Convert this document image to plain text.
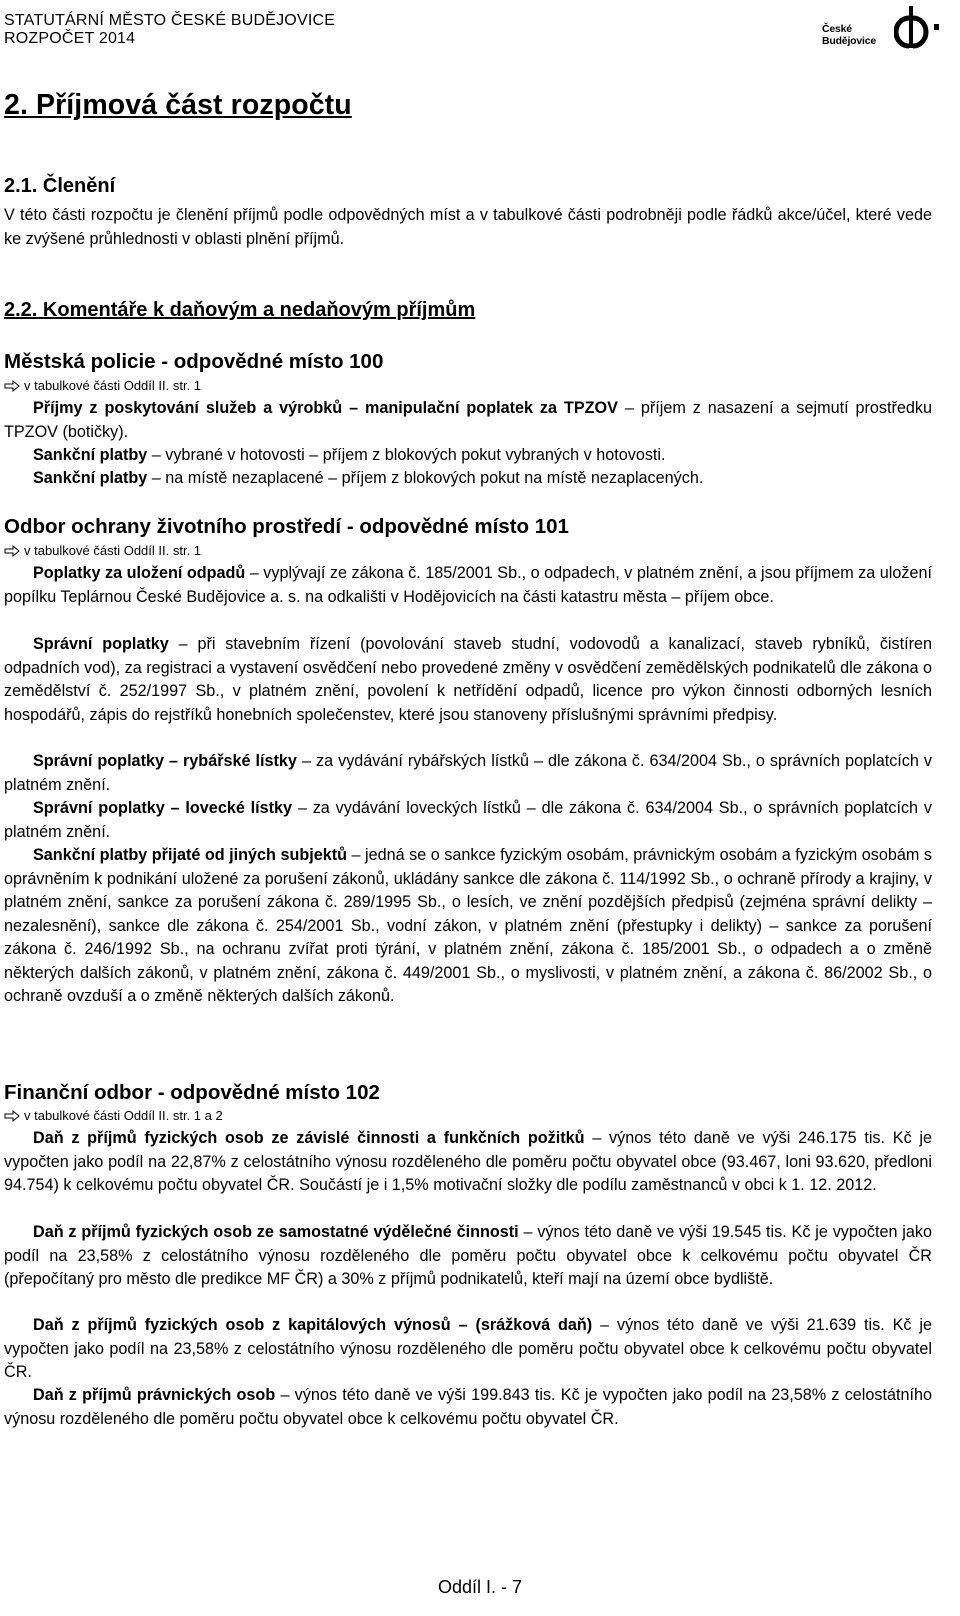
STATUTÁRNÍ MĚSTO ČESKÉ BUDĚJOVICE
ROZPOČET 2014
České Budějovice
2. Příjmová část rozpočtu
2.1. Členění
V této části rozpočtu je členění příjmů podle odpovědných míst a v tabulkové části podrobněji podle řádků akce/účel, které vede ke zvýšené průhlednosti v oblasti plnění příjmů.
2.2. Komentáře k daňovým a nedaňovým příjmům
Městská policie - odpovědné místo 100
v tabulkové části Oddíl II. str. 1
Příjmy z poskytování služeb a výrobků – manipulační poplatek za TPZOV – příjem z nasazení a sejmutí prostředku TPZOV (botičky).
Sankční platby – vybrané v hotovosti – příjem z blokových pokut vybraných v hotovosti.
Sankční platby – na místě nezaplacené – příjem z blokových pokut na místě nezaplacených.
Odbor ochrany životního prostředí - odpovědné místo 101
v tabulkové části Oddíl II. str. 1
Poplatky za uložení odpadů – vyplývají ze zákona č. 185/2001 Sb., o odpadech, v platném znění, a jsou příjmem za uložení popílku Teplárnou České Budějovice a. s. na odkališti v Hodějovicích na části katastru města – příjem obce.
Správní poplatky – při stavebním řízení (povolování staveb studní, vodovodů a kanalizací, staveb rybníků, čistíren odpadních vod), za registraci a vystavení osvědčení nebo provedené změny v osvědčení zemědělských podnikatelů dle zákona o zemědělství č. 252/1997 Sb., v platném znění, povolení k netřídění odpadů, licence pro výkon činnosti odborných lesních hospodářů, zápis do rejstříků honebních společenstev, které jsou stanoveny příslušnými správními předpisy.
Správní poplatky – rybářské lístky – za vydávání rybářských lístků – dle zákona č. 634/2004 Sb., o správních poplatcích v platném znění.
Správní poplatky – lovecké lístky – za vydávání loveckých lístků – dle zákona č. 634/2004 Sb., o správních poplatcích v platném znění.
Sankční platby přijaté od jiných subjektů – jedná se o sankce fyzickým osobám, právnickým osobám a fyzickým osobám s oprávněním k podnikání uložené za porušení zákonů, ukládány sankce dle zákona č. 114/1992 Sb., o ochraně přírody a krajiny, v platném znění, sankce za porušení zákona č. 289/1995 Sb., o lesích, ve znění pozdějších předpisů (zejména správní delikty – nezalesnění), sankce dle zákona č. 254/2001 Sb., vodní zákon, v platném znění (přestupky i delikty) – sankce za porušení zákona č. 246/1992 Sb., na ochranu zvířat proti týrání, v platném znění, zákona č. 185/2001 Sb., o odpadech a o změně některých dalších zákonů, v platném znění, zákona č. 449/2001 Sb., o myslivosti, v platném znění, a zákona č. 86/2002 Sb., o ochraně ovzduší a o změně některých dalších zákonů.
Finanční odbor - odpovědné místo 102
v tabulkové části Oddíl II. str. 1 a 2
Daň z příjmů fyzických osob ze závislé činnosti a funkčních požitků – výnos této daně ve výši 246.175 tis. Kč je vypočten jako podíl na 22,87% z celostátního výnosu rozděleného dle poměru počtu obyvatel obce (93.467, loni 93.620, předloni 94.754) k celkovému počtu obyvatel ČR. Součástí je i 1,5% motivační složky dle podílu zaměstnanců v obci k 1. 12. 2012.
Daň z příjmů fyzických osob ze samostatné výdělečné činnosti – výnos této daně ve výši 19.545 tis. Kč je vypočten jako podíl na 23,58% z celostátního výnosu rozděleného dle poměru počtu obyvatel obce k celkovému počtu obyvatel ČR (přepočítaný pro město dle predikce MF ČR) a 30% z příjmů podnikatelů, kteří mají na území obce bydliště.
Daň z příjmů fyzických osob z kapitálových výnosů – (srážková daň) – výnos této daně ve výši 21.639 tis. Kč je vypočten jako podíl na 23,58% z celostátního výnosu rozděleného dle poměru počtu obyvatel obce k celkovému počtu obyvatel ČR.
Daň z příjmů právnických osob – výnos této daně ve výši 199.843 tis. Kč je vypočten jako podíl na 23,58% z celostátního výnosu rozděleného dle poměru počtu obyvatel obce k celkovému počtu obyvatel ČR.
Oddíl I. - 7
